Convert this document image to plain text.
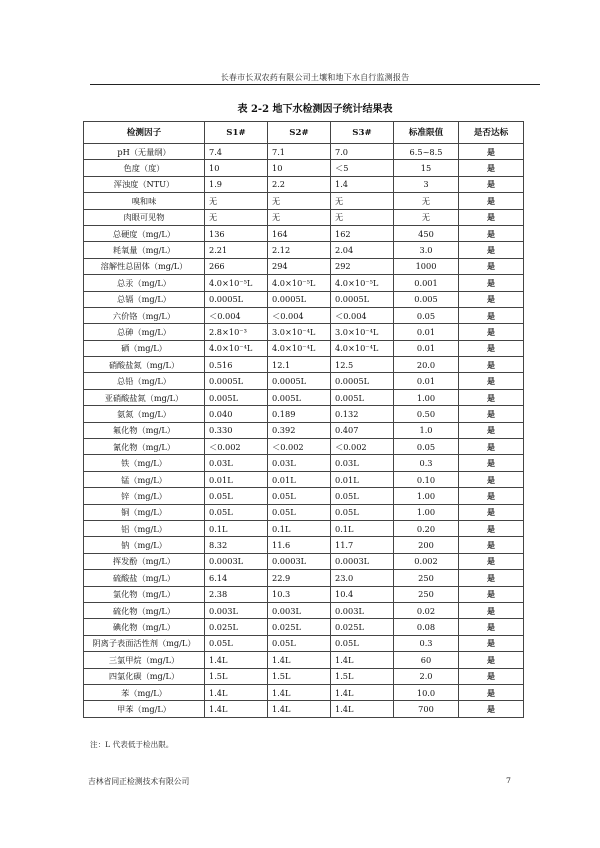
长春市长双农药有限公司土壤和地下水自行监测报告
表 2-2 地下水检测因子统计结果表
检测因子	S1#	S2#	S3#	标准限值	是否达标
pH（无量纲）	7.4	7.1	7.0	6.5~8.5	是
色度（度）	10	10	＜5	15	是
浑浊度（NTU）	1.9	2.2	1.4	3	是
嗅和味	无	无	无	无	是
肉眼可见物	无	无	无	无	是
总硬度（mg/L）	136	164	162	450	是
耗氧量（mg/L）	2.21	2.12	2.04	3.0	是
溶解性总固体（mg/L）	266	294	292	1000	是
总汞（mg/L）	4.0×10⁻⁵L	4.0×10⁻⁵L	4.0×10⁻⁵L	0.001	是
总镉（mg/L）	0.0005L	0.0005L	0.0005L	0.005	是
六价铬（mg/L）	＜0.004	＜0.004	＜0.004	0.05	是
总砷（mg/L）	2.8×10⁻³	3.0×10⁻⁴L	3.0×10⁻⁴L	0.01	是
硒（mg/L）	4.0×10⁻⁴L	4.0×10⁻⁴L	4.0×10⁻⁴L	0.01	是
硝酸盐氮（mg/L）	0.516	12.1	12.5	20.0	是
总铅（mg/L）	0.0005L	0.0005L	0.0005L	0.01	是
亚硝酸盐氮（mg/L）	0.005L	0.005L	0.005L	1.00	是
氨氮（mg/L）	0.040	0.189	0.132	0.50	是
氟化物（mg/L）	0.330	0.392	0.407	1.0	是
氰化物（mg/L）	＜0.002	＜0.002	＜0.002	0.05	是
铁（mg/L）	0.03L	0.03L	0.03L	0.3	是
锰（mg/L）	0.01L	0.01L	0.01L	0.10	是
锌（mg/L）	0.05L	0.05L	0.05L	1.00	是
铜（mg/L）	0.05L	0.05L	0.05L	1.00	是
铝（mg/L）	0.1L	0.1L	0.1L	0.20	是
钠（mg/L）	8.32	11.6	11.7	200	是
挥发酚（mg/L）	0.0003L	0.0003L	0.0003L	0.002	是
硫酸盐（mg/L）	6.14	22.9	23.0	250	是
氯化物（mg/L）	2.38	10.3	10.4	250	是
硫化物（mg/L）	0.003L	0.003L	0.003L	0.02	是
碘化物（mg/L）	0.025L	0.025L	0.025L	0.08	是
阴离子表面活性剂（mg/L）	0.05L	0.05L	0.05L	0.3	是
三氯甲烷（mg/L）	1.4L	1.4L	1.4L	60	是
四氯化碳（mg/L）	1.5L	1.5L	1.5L	2.0	是
苯（mg/L）	1.4L	1.4L	1.4L	10.0	是
甲苯（mg/L）	1.4L	1.4L	1.4L	700	是
注：L 代表低于检出限。
吉林省同正检测技术有限公司	7
